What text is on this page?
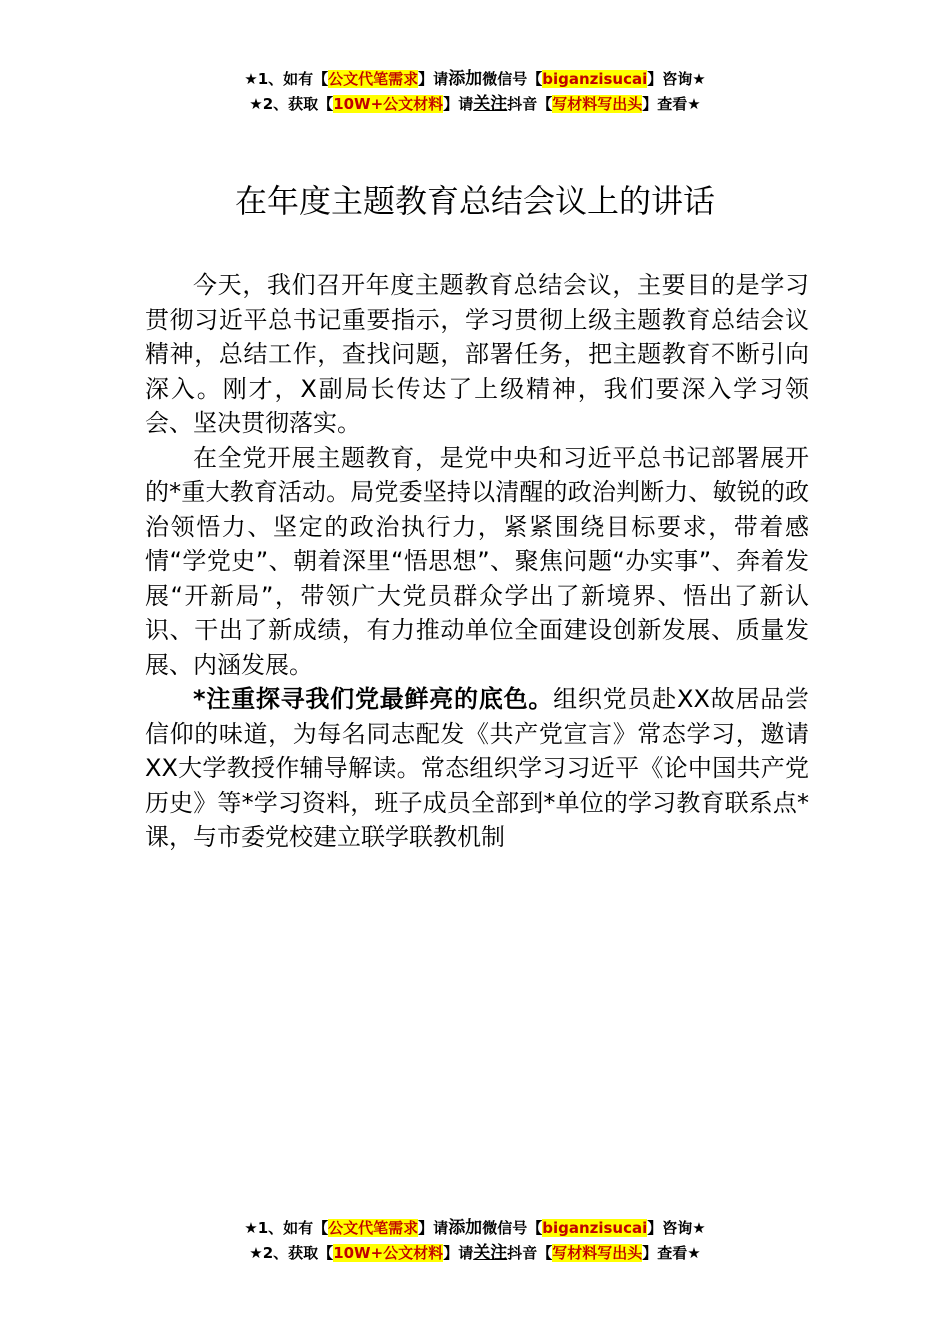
★1、如有【公文代笔需求】请添加微信号【biganzisucai】咨询★
★2、获取【10W+公文材料】请关注抖音【写材料写出头】查看★
在年度主题教育总结会议上的讲话

今天，我们召开年度主题教育总结会议，主要目的是学习贯彻习近平总书记重要指示，学习贯彻上级主题教育总结会议精神，总结工作，查找问题，部署任务，把主题教育不断引向深入。刚才，X副局长传达了上级精神，我们要深入学习领会、坚决贯彻落实。

在全党开展主题教育，是党中央和习近平总书记部署展开的*重大教育活动。局党委坚持以清醒的政治判断力、敏锐的政治领悟力、坚定的政治执行力，紧紧围绕目标要求，带着感情“学党史”、朝着深里“悟思想”、聚焦问题“办实事”、奔着发展“开新局”，带领广大党员群众学出了新境界、悟出了新认识、干出了新成绩，有力推动单位全面建设创新发展、质量发展、内涵发展。

*注重探寻我们党最鲜亮的底色。组织党员赴XX故居品尝信仰的味道，为每名同志配发《共产党宣言》常态学习，邀请XX大学教授作辅导解读。常态组织学习习近平《论中国共产党历史》等*学习资料，班子成员全部到*单位的学习教育联系点*课，与市委党校建立联学联教机制

★1、如有【公文代笔需求】请添加微信号【biganzisucai】咨询★
★2、获取【10W+公文材料】请关注抖音【写材料写出头】查看★
